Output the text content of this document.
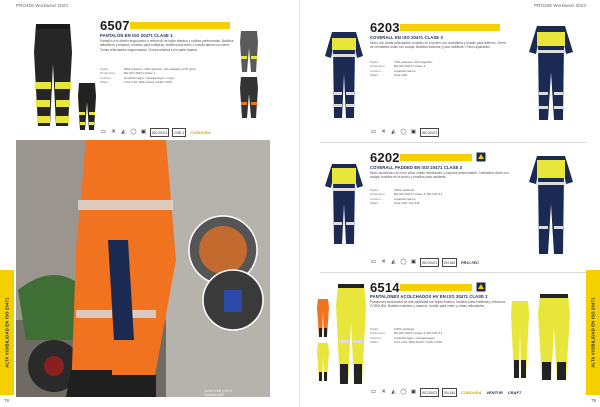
PRO408 Workwear 2023
6507
PANTALÓN EN ISO 20471 CLASE 1
Pantalón con diseño ergonómico y refuerzos de tejido elástico y rodillas preformadas. Bolsillos delanteros y traseros, bolsillos para rodilleras, bolsillo para metro y bolsillo lateral con cierre. Cintas reflectantes segmentadas. Cintura elástica en la parte trasera.
Tejido:	80% poliéster, 18% algodón, 2% elastano (275 g/m²)
Protección:	EN ISO 20471 Clase 1
Colores:	Amarillo/negro, naranja/negro, negro
Tallas:	C44–C62, D84–D124, C146–C156
▭ ✕ ◭ ◯ ▣	ISO 20471	COR 1	CORDURA
Jacket 6308 y 6519
Pantalón 6507
ALTA VISIBILIDAD EN ISO 20471
78
PRO408 Workwear 2023
6203
COVERALL EN ISO 20471 CLASE 3
Mono con cintas reflectantes, bolsillos en el pecho con cremallera y bolsillo para teléfono. Cierre de cremallera doble con solapa. Bolsillos traseros y para rodilleras. Puños ajustables.
Tejido:	79% poliéster, 21% algodón
Protección:	EN ISO 20471 Clase 3
Colores:	Amarillo/marino
Tallas:	C44–C62
▭ ✕ ◭ ◯ ▣	ISO 20471
6202
COVERALL PADDED EN ISO 20471 CLASE 3
Mono acolchado con forro polar, cintas reflectantes y capucha desmontable. Cremallera doble con solapa, bolsillos en el pecho y bolsillos para rodilleras.
Tejido:	100% poliéster
Protección:	EN ISO 20471 Clase 3, EN 343 3:1
Colores:	Amarillo/marino
Tallas:	C44–C62, XS–4XL
▭ ✕ ◭ ◯ ▣	ISO 20471	EN 343	PRO-TEC
6514
PANTALONES ACOLCHADOS HV EN ISO 20471 CLASE 2
Pantalones acolchados de alta visibilidad con tejido elástico, bolsillos para rodilleras y refuerzos CORDURA. Bolsillos laterales y traseros, bolsillo para metro y cintas reflectantes.
Tejido:	100% poliéster
Protección:	EN ISO 20471 Clase 2, EN 343 3:1
Colores:	Amarillo/negro, naranja/negro
Tallas:	C44–C62, D96–D124, C146–C156
▭ ✕ ◭ ◯ ▣	ISO 20471	EN 343	CORDURA VENTUR CRAFT
ALTA VISIBILIDAD EN ISO 20471
79
